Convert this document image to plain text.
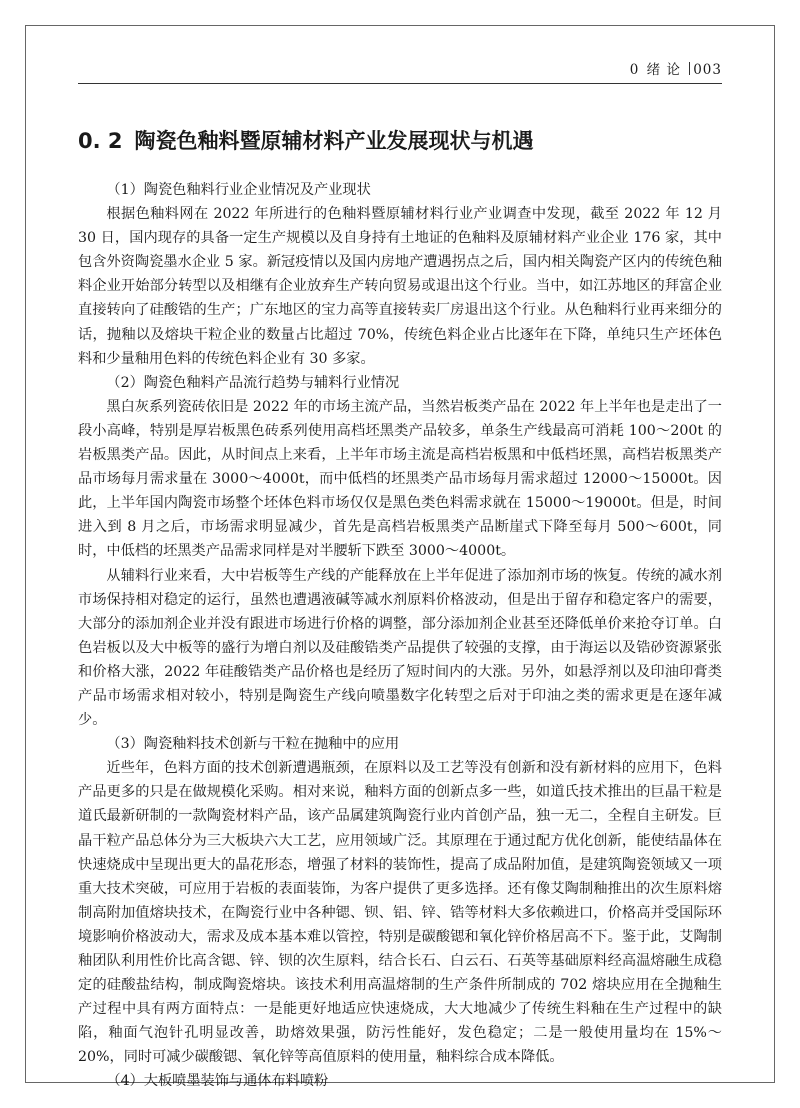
0 绪 论 003
0. 2 陶瓷色釉料暨原辅材料产业发展现状与机遇

（1）陶瓷色釉料行业企业情况及产业现状

根据色釉料网在 2022 年所进行的色釉料暨原辅材料行业产业调查中发现，截至 2022 年 12 月 30 日，国内现存的具备一定生产规模以及自身持有土地证的色釉料及原辅材料产业企业 176 家，其中包含外资陶瓷墨水企业 5 家。新冠疫情以及国内房地产遭遇拐点之后，国内相关陶瓷产区内的传统色釉料企业开始部分转型以及相继有企业放弃生产转向贸易或退出这个行业。当中，如江苏地区的拜富企业直接转向了硅酸锆的生产；广东地区的宝力高等直接转卖厂房退出这个行业。从色釉料行业再来细分的话，抛釉以及熔块干粒企业的数量占比超过 70%，传统色料企业占比逐年在下降，单纯只生产坯体色料和少量釉用色料的传统色料企业有 30 多家。

（2）陶瓷色釉料产品流行趋势与辅料行业情况

黑白灰系列瓷砖依旧是 2022 年的市场主流产品，当然岩板类产品在 2022 年上半年也是走出了一段小高峰，特别是厚岩板黑色砖系列使用高档坯黑类产品较多，单条生产线最高可消耗 100～200t 的岩板黑类产品。因此，从时间点上来看，上半年市场主流是高档岩板黑和中低档坯黑，高档岩板黑类产品市场每月需求量在 3000～4000t，而中低档的坯黑类产品市场每月需求超过 12000～15000t。因此，上半年国内陶瓷市场整个坯体色料市场仅仅是黑色类色料需求就在 15000～19000t。但是，时间进入到 8 月之后，市场需求明显减少，首先是高档岩板黑类产品断崖式下降至每月 500～600t，同时，中低档的坯黑类产品需求同样是对半腰斩下跌至 3000～4000t。

从辅料行业来看，大中岩板等生产线的产能释放在上半年促进了添加剂市场的恢复。传统的减水剂市场保持相对稳定的运行，虽然也遭遇液碱等减水剂原料价格波动，但是出于留存和稳定客户的需要，大部分的添加剂企业并没有跟进市场进行价格的调整，部分添加剂企业甚至还降低单价来抢夺订单。白色岩板以及大中板等的盛行为增白剂以及硅酸锆类产品提供了较强的支撑，由于海运以及锆砂资源紧张和价格大涨，2022 年硅酸锆类产品价格也是经历了短时间内的大涨。另外，如悬浮剂以及印油印膏类产品市场需求相对较小，特别是陶瓷生产线向喷墨数字化转型之后对于印油之类的需求更是在逐年减少。

（3）陶瓷釉料技术创新与干粒在抛釉中的应用

近些年，色料方面的技术创新遭遇瓶颈，在原料以及工艺等没有创新和没有新材料的应用下，色料产品更多的只是在做规模化采购。相对来说，釉料方面的创新点多一些，如道氏技术推出的巨晶干粒是道氏最新研制的一款陶瓷材料产品，该产品属建筑陶瓷行业内首创产品，独一无二，全程自主研发。巨晶干粒产品总体分为三大板块六大工艺，应用领域广泛。其原理在于通过配方优化创新，能使结晶体在快速烧成中呈现出更大的晶花形态，增强了材料的装饰性，提高了成品附加值，是建筑陶瓷领域又一项重大技术突破，可应用于岩板的表面装饰，为客户提供了更多选择。还有像艾陶制釉推出的次生原料熔制高附加值熔块技术，在陶瓷行业中各种锶、钡、铝、锌、锆等材料大多依赖进口，价格高并受国际环境影响价格波动大，需求及成本基本难以管控，特别是碳酸锶和氧化锌价格居高不下。鉴于此，艾陶制釉团队利用性价比高含锶、锌、钡的次生原料，结合长石、白云石、石英等基础原料经高温熔融生成稳定的硅酸盐结构，制成陶瓷熔块。该技术利用高温熔制的生产条件所制成的 702 熔块应用在全抛釉生产过程中具有两方面特点：一是能更好地适应快速烧成，大大地减少了传统生料釉在生产过程中的缺陷，釉面气泡针孔明显改善，助熔效果强，防污性能好，发色稳定；二是一般使用量均在 15%～20%，同时可减少碳酸锶、氧化锌等高值原料的使用量，釉料综合成本降低。

（4）大板喷墨装饰与通体布料喷粉
